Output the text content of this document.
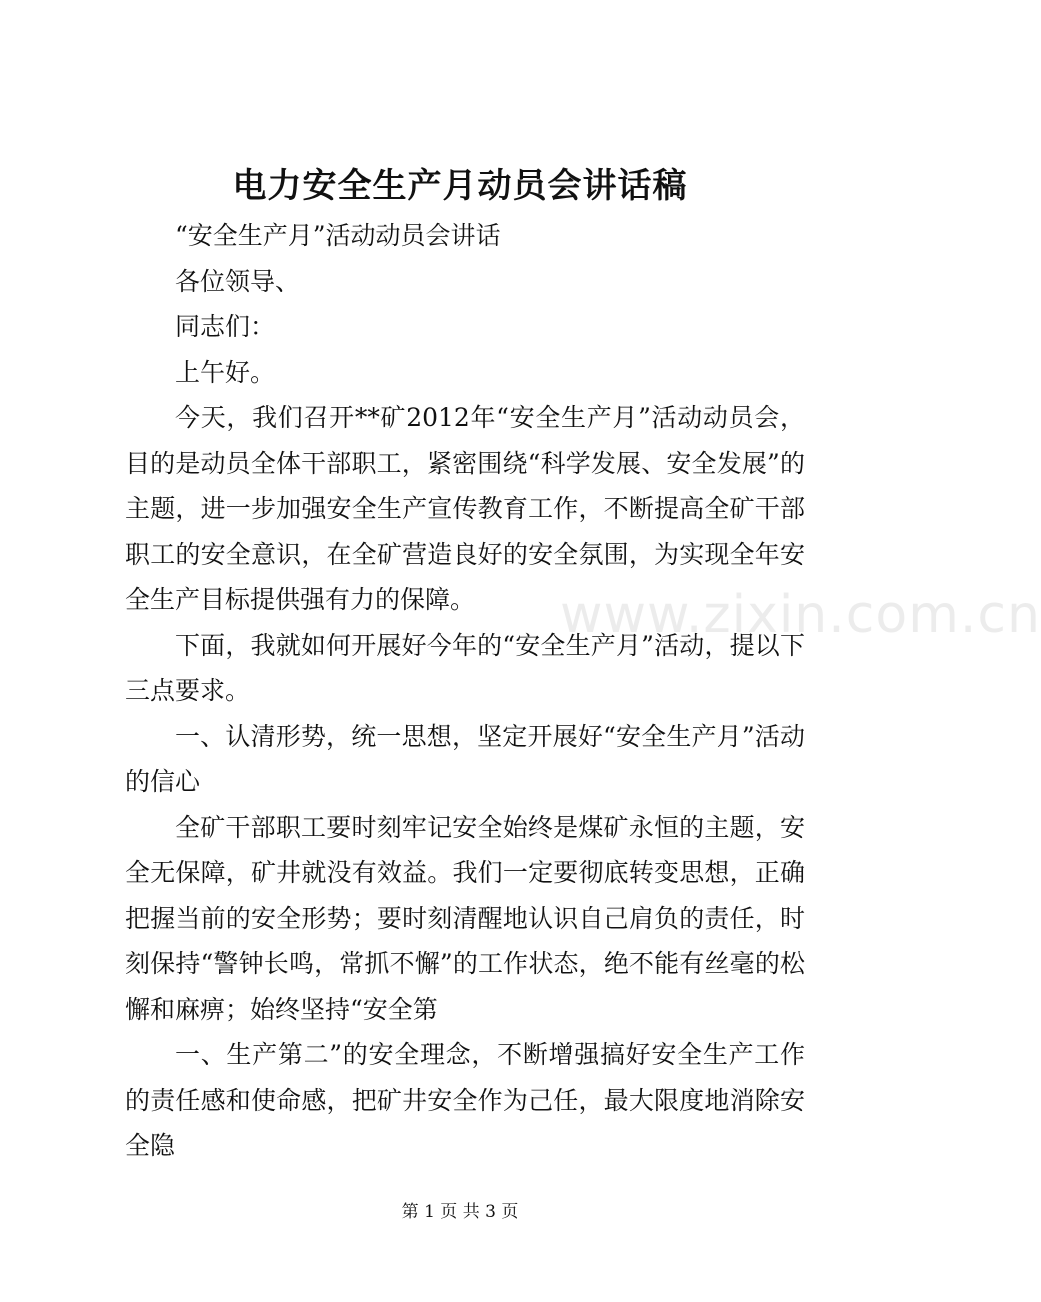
电力安全生产月动员会讲话稿

“安全生产月”活动动员会讲话

各位领导、

同志们：

上午好。

今天，我们召开**矿2012年“安全生产月”活动动员会，目的是动员全体干部职工，紧密围绕“科学发展、安全发展”的主题，进一步加强安全生产宣传教育工作，不断提高全矿干部职工的安全意识，在全矿营造良好的安全氛围，为实现全年安全生产目标提供强有力的保障。

下面，我就如何开展好今年的“安全生产月”活动，提以下三点要求。

一、认清形势，统一思想，坚定开展好“安全生产月”活动的信心

全矿干部职工要时刻牢记安全始终是煤矿永恒的主题，安全无保障，矿井就没有效益。我们一定要彻底转变思想，正确把握当前的安全形势；要时刻清醒地认识自己肩负的责任，时刻保持“警钟长鸣，常抓不懈”的工作状态，绝不能有丝毫的松懈和麻痹；始终坚持“安全第

一、生产第二”的安全理念，不断增强搞好安全生产工作的责任感和使命感，把矿井安全作为己任，最大限度地消除安全隐

www.zixin.com.cn
第 1 页 共 3 页
